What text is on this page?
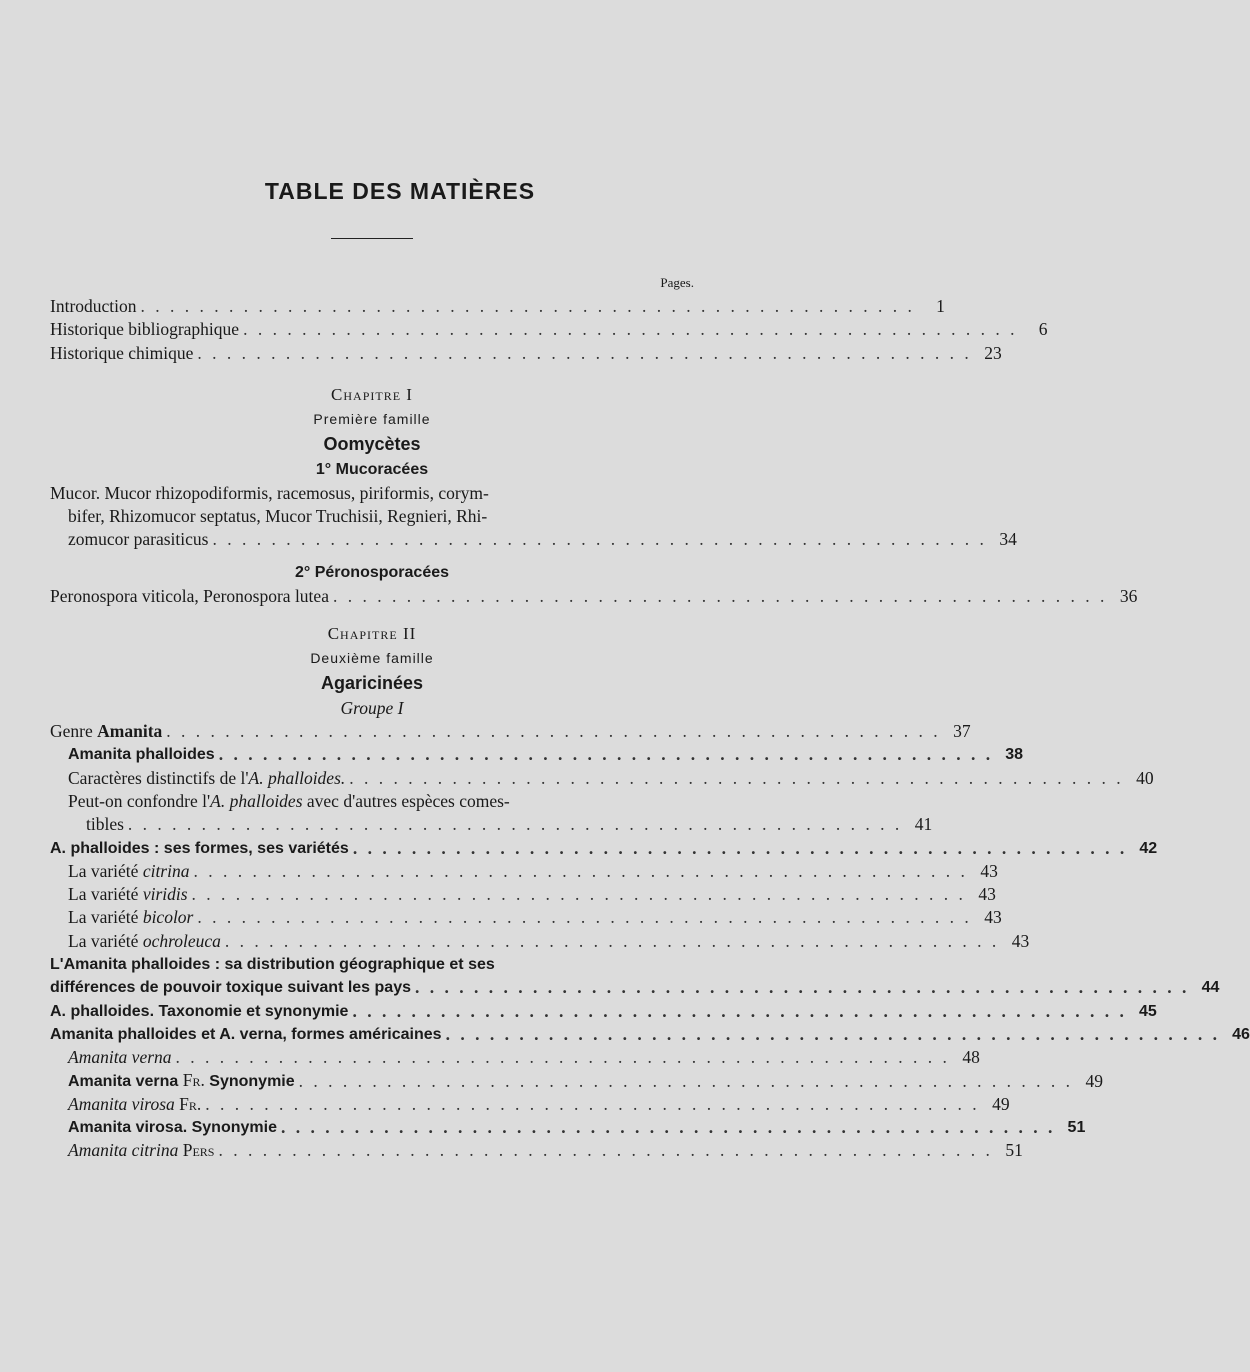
TABLE DES MATIÈRES
Pages.
Introduction . . . . . . . . . . . . . . . . . . . . . . . . . . . . . . . . . . . . . . . . . . . . . . . . . . . . .	1
Historique bibliographique . . . . . . . . . . . . . . . . . . . . . . . . . . . . . . . . . . . . . . . . . . . . . . . . . . . . .	6
Historique chimique . . . . . . . . . . . . . . . . . . . . . . . . . . . . . . . . . . . . . . . . . . . . . . . . . . . . . 23
Chapitre I
Première famille
Oomycètes
1° Mucoracées
Mucor. Mucor rhizopodiformis, racemosus, piriformis, corym-
bifer, Rhizomucor septatus, Mucor Truchisii, Regnieri, Rhi-
zomucor parasiticus . . . . . . . . . . . . . . . . . . . . . . . . . . . . . . . . . . . . . . . . . . . . . . . . . . . . . 34
2° Péronosporacées
Peronospora viticola, Peronospora lutea . . . . . . . . . . . . . . . . . . . . . . . . . . . . . . . . . . . . . . . . . . . . . . . . . . . . . 36
Chapitre II
Deuxième famille
Agaricinées
Groupe I
Genre Amanita . . . . . . . . . . . . . . . . . . . . . . . . . . . . . . . . . . . . . . . . . . . . . . . . . . . . . 37
Amanita phalloides . . . . . . . . . . . . . . . . . . . . . . . . . . . . . . . . . . . . . . . . . . . . . . . . . . . . . 38
Caractères distinctifs de l'A. phalloides. . . . . . . . . . . . . . . . . . . . . . . . . . . . . . . . . . . . . . . . . . . . . . . . . . . . . . 40
Peut-on confondre l'A. phalloides avec d'autres espèces comes-
tibles . . . . . . . . . . . . . . . . . . . . . . . . . . . . . . . . . . . . . . . . . . . . . . . . . . . . . 41
A. phalloides : ses formes, ses variétés . . . . . . . . . . . . . . . . . . . . . . . . . . . . . . . . . . . . . . . . . . . . . . . . . . . . . 42
La variété citrina . . . . . . . . . . . . . . . . . . . . . . . . . . . . . . . . . . . . . . . . . . . . . . . . . . . . . 43
La variété viridis . . . . . . . . . . . . . . . . . . . . . . . . . . . . . . . . . . . . . . . . . . . . . . . . . . . . . 43
La variété bicolor . . . . . . . . . . . . . . . . . . . . . . . . . . . . . . . . . . . . . . . . . . . . . . . . . . . . . 43
La variété ochroleuca . . . . . . . . . . . . . . . . . . . . . . . . . . . . . . . . . . . . . . . . . . . . . . . . . . . . . 43
L'Amanita phalloides : sa distribution géographique et ses
différences de pouvoir toxique suivant les pays . . . . . . . . . . . . . . . . . . . . . . . . . . . . . . . . . . . . . . . . . . . . . . . . . . . . . 44
A. phalloides. Taxonomie et synonymie . . . . . . . . . . . . . . . . . . . . . . . . . . . . . . . . . . . . . . . . . . . . . . . . . . . . . 45
Amanita phalloides et A. verna, formes américaines . . . . . . . . . . . . . . . . . . . . . . . . . . . . . . . . . . . . . . . . . . . . . . . . . . . . . 46
Amanita verna . . . . . . . . . . . . . . . . . . . . . . . . . . . . . . . . . . . . . . . . . . . . . . . . . . . . . 48
Amanita verna Fr. Synonymie . . . . . . . . . . . . . . . . . . . . . . . . . . . . . . . . . . . . . . . . . . . . . . . . . . . . . 49
Amanita virosa Fr. . . . . . . . . . . . . . . . . . . . . . . . . . . . . . . . . . . . . . . . . . . . . . . . . . . . . . 49
Amanita virosa. Synonymie . . . . . . . . . . . . . . . . . . . . . . . . . . . . . . . . . . . . . . . . . . . . . . . . . . . . . 51
Amanita citrina Pers . . . . . . . . . . . . . . . . . . . . . . . . . . . . . . . . . . . . . . . . . . . . . . . . . . . . . 51
